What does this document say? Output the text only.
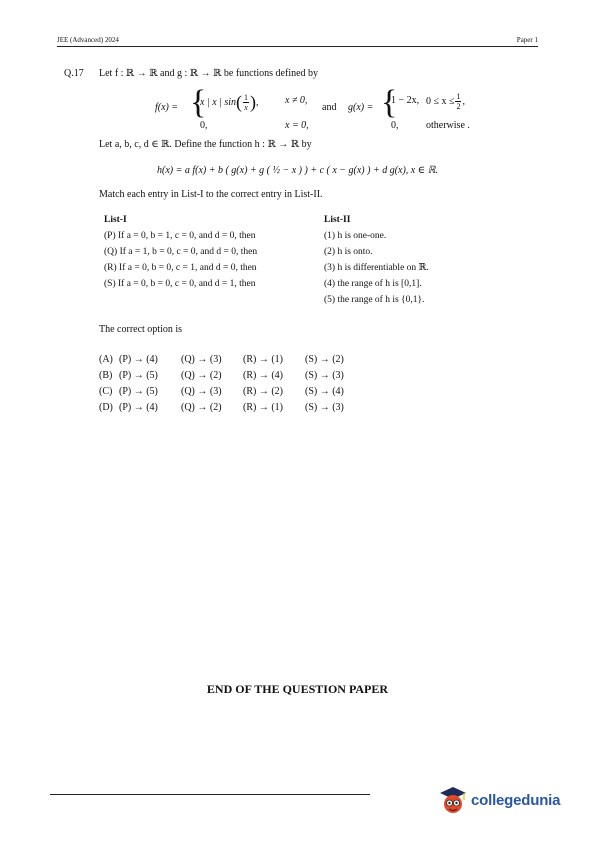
JEE (Advanced) 2024	Paper 1
Q.17 Let f : ℝ → ℝ and g : ℝ → ℝ be functions defined by
f(x) = {
x | x | $\sin( \frac{1}{x}$ ),	x ≠ 0,
0,	x = 0,
and g(x) = {
1 − 2x, $0 \le x \le \frac{1}{2}$ ,
0,	otherwise .
Let a, b, c, d ∈ ℝ. Define the function h : ℝ → ℝ by
h(x) = a f(x) + b ( g(x) + g ( ½ − x ) ) + c ( x − g(x) ) + d g(x), x ∈ ℝ.
Match each entry in List-I to the correct entry in List-II.
List-I
(P) If a = 0, b = 1, c = 0, and d = 0, then
(Q) If a = 1, b = 0, c = 0, and d = 0, then
(R) If a = 0, b = 0, c = 1, and d = 0, then
(S) If a = 0, b = 0, c = 0, and d = 1, then
List-II
(1) h is one-one.
(2) h is onto.
(3) h is differentiable on ℝ.
(4) the range of h is [0,1].
(5) the range of h is {0,1}.
The correct option is
(A) (P) → (4) (Q) → (3) (R) → (1) (S) → (2)
(B) (P) → (5) (Q) → (2) (R) → (4) (S) → (3)
(C) (P) → (5) (Q) → (3) (R) → (2) (S) → (4)
(D) (P) → (4) (Q) → (2) (R) → (1) (S) → (3)
END OF THE QUESTION PAPER
collegedunia
